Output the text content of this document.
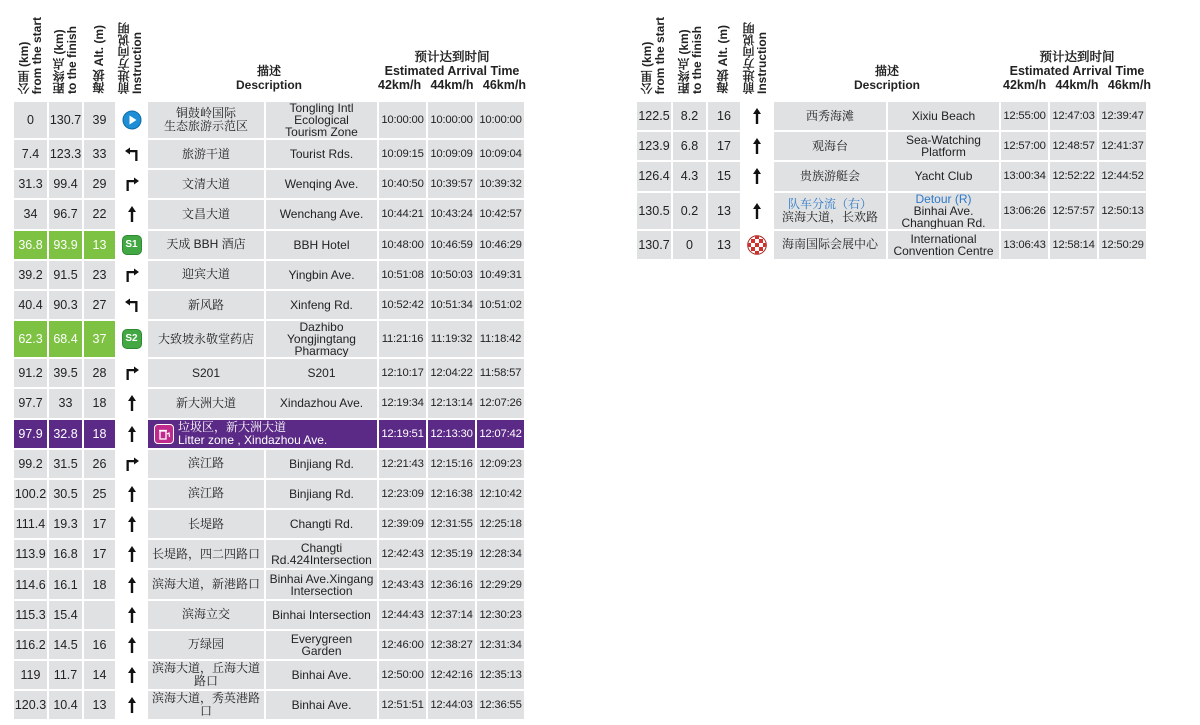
公里 (km)
from the start 距终点 (km)
to the finish 海拔 Alt. (m) 前进方向说明
Instruction	描述
Description
预计达到时间
Estimated Arrival Time
42km/h 44km/h 46km/h
0	130.7	39		铜鼓岭国际
生态旅游示范区	Tongling Intl Ecological
Tourism Zone	10:00:00	10:00:00	10:00:00
7.4	123.3	33		旅游干道	Tourist Rds.	10:09:15	10:09:09	10:09:04
31.3	99.4	29		文清大道	Wenqing Ave.	10:40:50	10:39:57	10:39:32
34	96.7	22		文昌大道	Wenchang Ave.	10:44:21	10:43:24	10:42:57
36.8	93.9	13	S1	天成 BBH 酒店	BBH Hotel	10:48:00	10:46:59	10:46:29
39.2	91.5	23		迎宾大道	Yingbin Ave.	10:51:08	10:50:03	10:49:31
40.4	90.3	27		新风路	Xinfeng Rd.	10:52:42	10:51:34	10:51:02
62.3	68.4	37	S2	大致坡永敬堂药店	Dazhibo Yongjingtang
Pharmacy	11:21:16	11:19:32	11:18:42
91.2	39.5	28		S201	S201	12:10:17	12:04:22	11:58:57
97.7	33	18		新大洲大道	Xindazhou Ave.	12:19:34	12:13:14	12:07:26
97.9	32.8	18		垃圾区，新大洲大道
Litter zone , Xindazhou Ave.		12:19:51	12:13:30	12:07:42
99.2	31.5	26		滨江路	Binjiang Rd.	12:21:43	12:15:16	12:09:23
100.2	30.5	25		滨江路	Binjiang Rd.	12:23:09	12:16:38	12:10:42
111.4	19.3	17		长堤路	Changti Rd.	12:39:09	12:31:55	12:25:18
113.9	16.8	17		长堤路，四二四路口	Changti
Rd.424Intersection	12:42:43	12:35:19	12:28:34
114.6	16.1	18		滨海大道，新港路口	Binhai Ave.Xingang
Intersection	12:43:43	12:36:16	12:29:29
115.3	15.4			滨海立交	Binhai Intersection	12:44:43	12:37:14	12:30:23
116.2	14.5	16		万绿园	Everygreen
Garden	12:46:00	12:38:27	12:31:34
119	11.7	14		滨海大道，丘海大道
路口	Binhai Ave.	12:50:00	12:42:16	12:35:13
120.3	10.4	13		滨海大道，秀英港路口	Binhai Ave.	12:51:51	12:44:03	12:36:55
公里 (km)
from the start 距终点 (km)
to the finish 海拔 Alt. (m) 前进方向说明
Instruction	描述
Description
预计达到时间
Estimated Arrival Time
42km/h 44km/h 46km/h
122.5	8.2	16		西秀海滩	Xixiu Beach	12:55:00	12:47:03	12:39:47
123.9	6.8	17		观海台	Sea-Watching
Platform	12:57:00	12:48:57	12:41:37
126.4	4.3	15		贵族游艇会	Yacht Club	13:00:34	12:52:22	12:44:52
130.5	0.2	13		队车分流（右）
滨海大道，长欢路	Detour (R)
Binhai Ave.
Changhuan Rd.	13:06:26	12:57:57	12:50:13
130.7	0	13		海南国际会展中心	International
Convention Centre	13:06:43	12:58:14	12:50:29
